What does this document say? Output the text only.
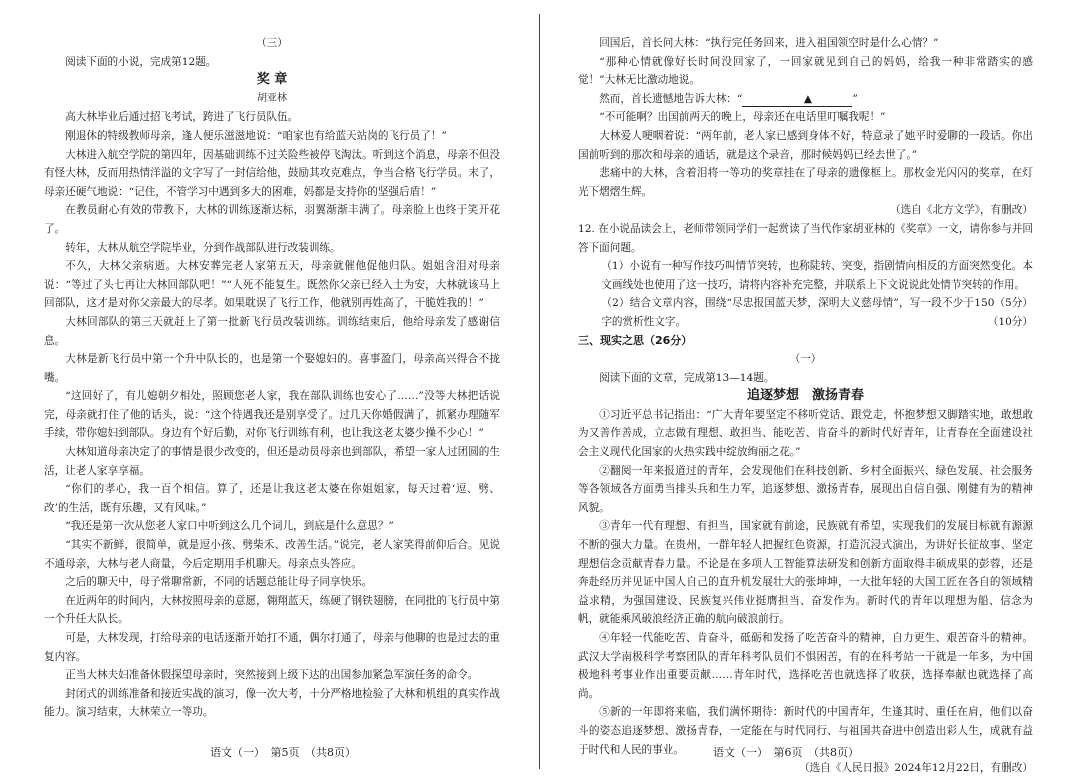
（三）

阅读下面的小说，完成第12题。

奖 章
胡亚林

高大林毕业后通过招飞考试，跨进了飞行员队伍。

刚退休的特级教师母亲，逢人便乐滋滋地说：“咱家也有给蓝天站岗的飞行员了！”

大林进入航空学院的第四年，因基础训练不过关险些被停飞淘汰。听到这个消息，母亲不但没有怪大林，反而用热情洋溢的文字写了一封信给他，鼓励其攻克难点，争当合格飞行学员。末了，母亲还硬气地说：“记住，不管学习中遇到多大的困难，妈都是支持你的坚强后盾！”

在教员耐心有效的带教下，大林的训练逐渐达标，羽翼渐渐丰满了。母亲脸上也终于笑开花了。

转年，大林从航空学院毕业，分到作战部队进行改装训练。

不久，大林父亲病逝。大林安葬完老人家第五天，母亲就催他促他归队。姐姐含泪对母亲说：“等过了头七再让大林回部队吧！”“人死不能复生。既然你父亲已经入土为安，大林就该马上回部队，这才是对你父亲最大的尽孝。如果耽误了飞行工作，他就别再姓高了，干脆姓我的！”

大林回部队的第三天就赶上了第一批新飞行员改装训练。训练结束后，他给母亲发了感谢信息。

大林是新飞行员中第一个升中队长的，也是第一个娶媳妇的。喜事盈门，母亲高兴得合不拢嘴。

“这回好了，有儿媳朝夕相处，照顾您老人家，我在部队训练也安心了……”没等大林把话说完，母亲就打住了他的话头，说：“这个待遇我还是别享受了。过几天你婚假满了，抓紧办理随军手续，带你媳妇到部队。身边有个好后勤，对你飞行训练有利，也让我这老太婆少操不少心！”

大林知道母亲决定了的事情是很少改变的，但还是动员母亲也到部队，希望一家人过团圆的生活，让老人家享享福。

“你们的孝心，我一百个相信。算了，还是让我这老太婆在你姐姐家，每天过着‘逗、劈、改’的生活，既有乐趣，又有风味。”

“我还是第一次从您老人家口中听到这么几个词儿，到底是什么意思？”

“其实不新鲜，很简单，就是逗小孩、劈柴禾、改善生活。”说完，老人家笑得前仰后合。见说不通母亲，大林与老人商量，今后定期用手机聊天。母亲点头答应。

之后的聊天中，母子常聊常新，不同的话题总能让母子同享快乐。

在近两年的时间内，大林按照母亲的意愿，翱翔蓝天，练硬了钢铁翅膀，在同批的飞行员中第一个升任大队长。

可是，大林发现，打给母亲的电话逐渐开始打不通，偶尔打通了，母亲与他聊的也是过去的重复内容。

正当大林夫妇准备休假探望母亲时，突然接到上级下达的出国参加紧急军演任务的命令。

封闭式的训练准备和接近实战的演习，像一次大考，十分严格地检验了大林和机组的真实作战能力。演习结束，大林荣立一等功。

回国后，首长问大林：“执行完任务回来，进入祖国领空时是什么心情？”

“那种心情就像好长时间没回家了，一回家就见到自己的妈妈，给我一种非常踏实的感觉！”大林无比激动地说。

然而，首长遗憾地告诉大林：“	▲	”

“不可能啊？出国前两天的晚上，母亲还在电话里叮嘱我呢！”

大林爱人哽咽着说：“两年前，老人家已感到身体不好，特意录了她平时爱聊的一段话。你出国前听到的那次和母亲的通话，就是这个录音，那时候妈妈已经去世了。”

悲痛中的大林，含着泪将一等功的奖章挂在了母亲的遗像框上。那枚金光闪闪的奖章，在灯光下熠熠生辉。

（选自《北方文学》，有删改）

12. 在小说品读会上，老师带领同学们一起赏读了当代作家胡亚林的《奖章》一文，请你参与并回答下面问题。

（1）小说有一种写作技巧叫情节突转，也称陡转、突变，指剧情向相反的方面突然变化。本文画线处也使用了这一技巧，请将内容补充完整，并联系上下文说说此处情节突转的作用。
（5分）

（2）结合文章内容，围绕“尽忠报国蓝天梦，深明大义慈母情”，写一段不少于150字的赏析性文字。	（10分）

三、现实之思（26分）

（一）

阅读下面的文章，完成第13—14题。

追逐梦想　激扬青春

①习近平总书记指出：“广大青年要坚定不移听党话、跟党走，怀抱梦想又脚踏实地，敢想敢为又善作善成，立志做有理想、敢担当、能吃苦、肯奋斗的新时代好青年，让青春在全面建设社会主义现代化国家的火热实践中绽放绚丽之花。”

②翻阅一年来报道过的青年，会发现他们在科技创新、乡村全面振兴、绿色发展、社会服务等各领域各方面勇当排头兵和生力军，追逐梦想、激扬青春，展现出自信自强、刚健有为的精神风貌。

③青年一代有理想、有担当，国家就有前途，民族就有希望，实现我们的发展目标就有源源不断的强大力量。在贵州，一群年轻人把握红色资源，打造沉浸式演出，为讲好长征故事、坚定理想信念贡献青春力量。不论是在多项人工智能算法研发和创新方面取得丰硕成果的彭蓉，还是奔赴经历并见证中国人自己的直升机发展壮大的张坤坤，一大批年轻的大国工匠在各自的领域精益求精，为强国建设、民族复兴伟业挺膺担当、奋发作为。新时代的青年以理想为船、信念为帆，就能乘风破浪经济正确的航向破浪前行。

④年轻一代能吃苦、肯奋斗，砥砺和发扬了吃苦奋斗的精神，自力更生、艰苦奋斗的精神。武汉大学南极科学考察团队的青年科考队员们不惧困苦，有的在科考站一干就是一年多，为中国极地科考事业作出重要贡献……青年时代，选择吃苦也就选择了收获，选择奉献也就选择了高尚。

⑤新的一年即将来临，我们满怀期待：新时代的中国青年，生逢其时、重任在肩，他们以奋斗的姿态追逐梦想、激扬青春，一定能在与时代同行、与祖国共奋进中创造出彩人生，成就有益于时代和人民的事业。

（选自《人民日报》2024年12月22日，有删改）

语文（一）　第5页　（共8页）	语文（一）　第6页　（共8页）
